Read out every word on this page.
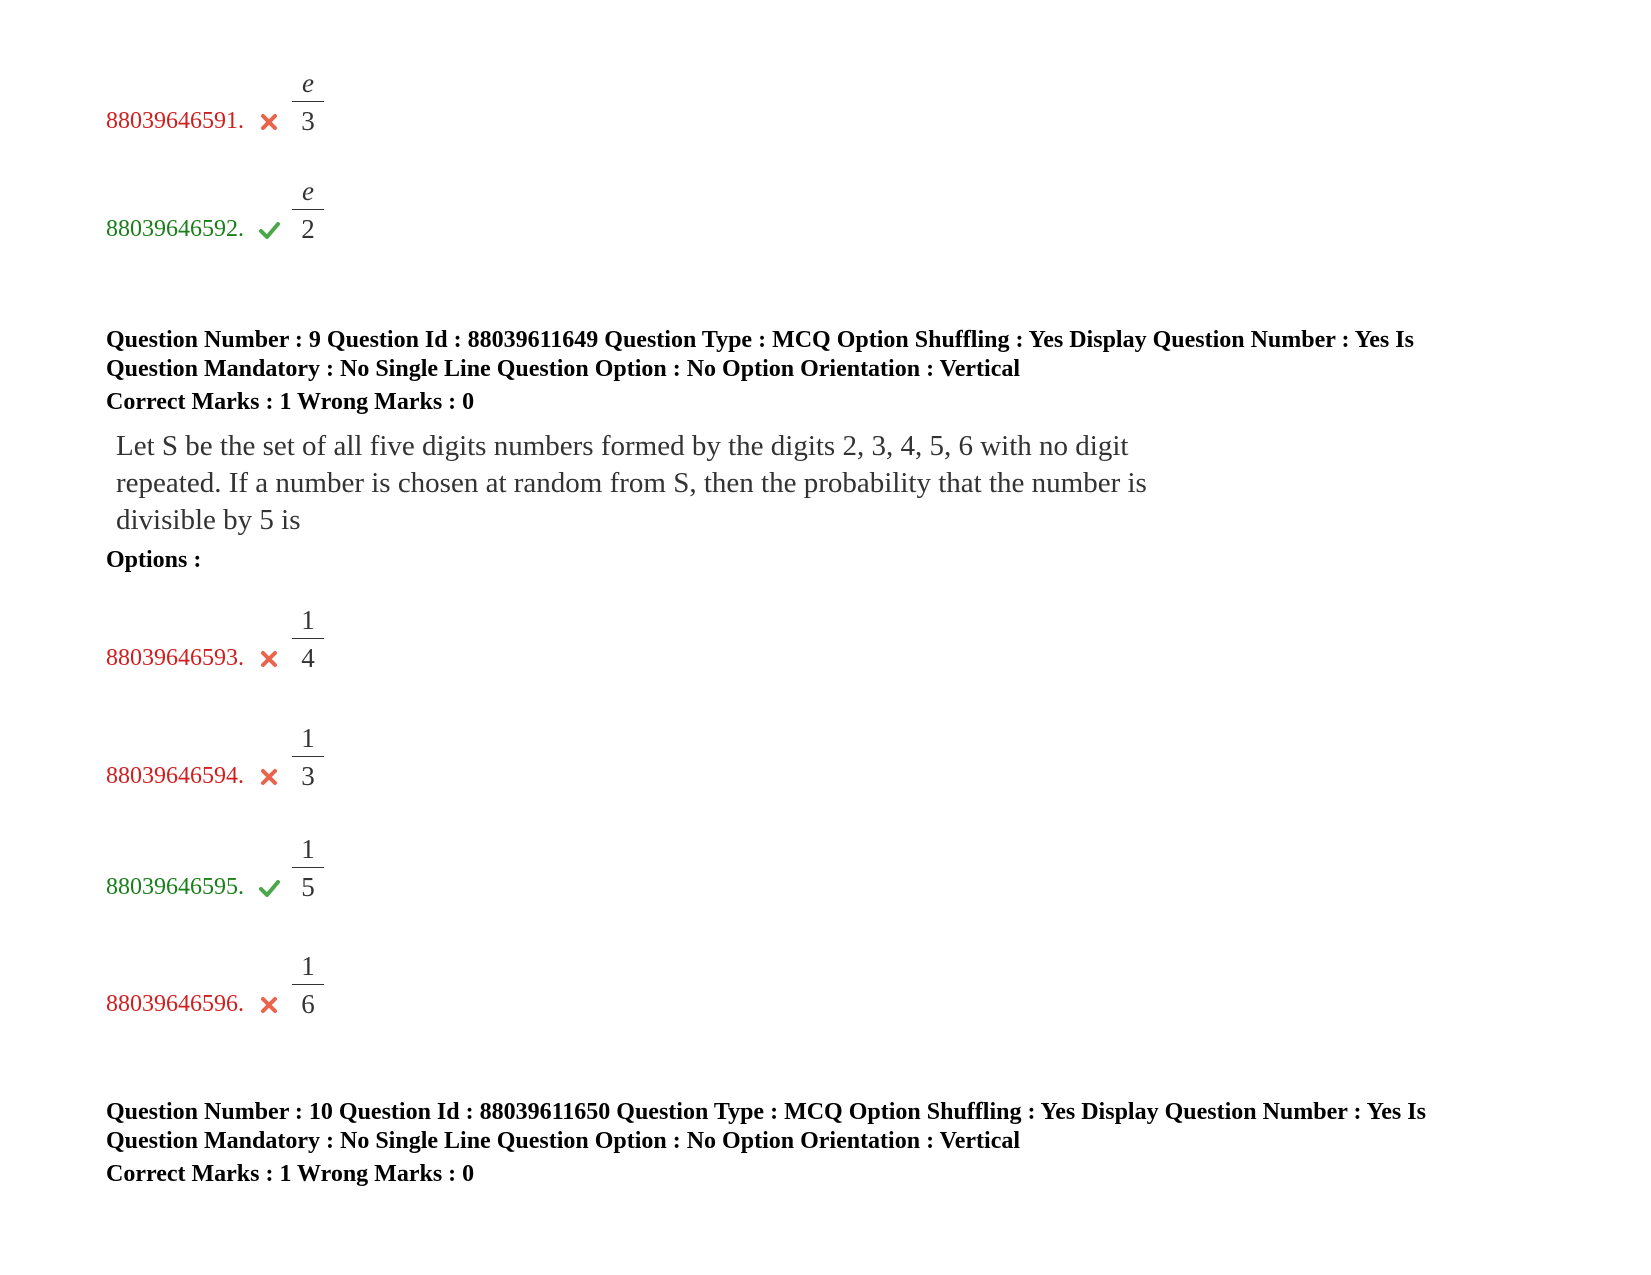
88039646591.
e
3
88039646592.
e
2
Question Number : 9 Question Id : 88039611649 Question Type : MCQ Option Shuffling : Yes Display Question Number : Yes Is
Question Mandatory : No Single Line Question Option : No Option Orientation : Vertical
Correct Marks : 1 Wrong Marks : 0
Let S be the set of all five digits numbers formed by the digits 2, 3, 4, 5, 6 with no digit
repeated. If a number is chosen at random from S, then the probability that the number is
divisible by 5 is
Options :
88039646593.
1
4
88039646594.
1
3
88039646595.
1
5
88039646596.
1
6
Question Number : 10 Question Id : 88039611650 Question Type : MCQ Option Shuffling : Yes Display Question Number : Yes Is
Question Mandatory : No Single Line Question Option : No Option Orientation : Vertical
Correct Marks : 1 Wrong Marks : 0
